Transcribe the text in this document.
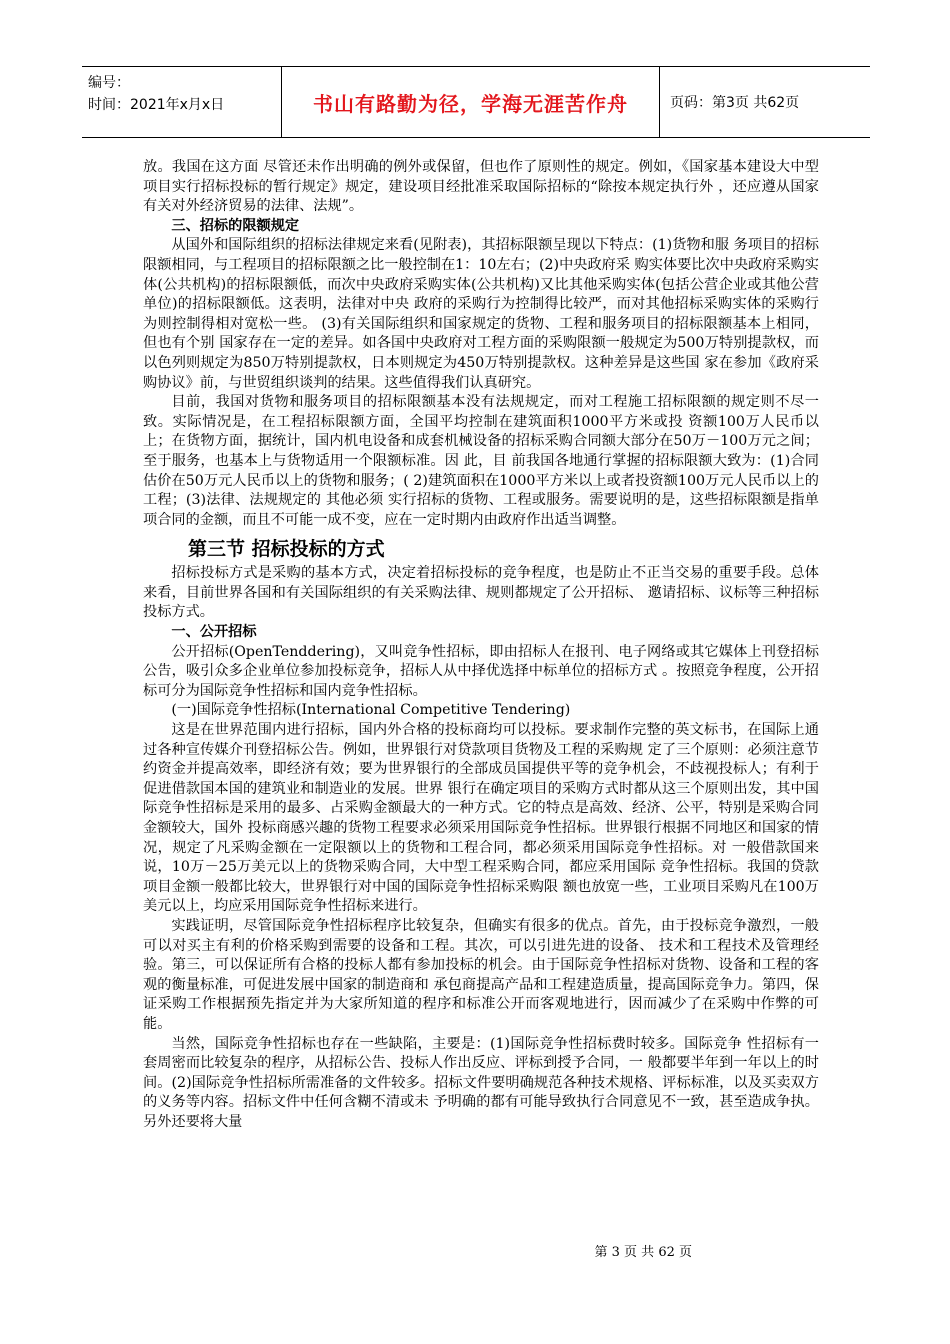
编号：
时间：2021年x月x日	书山有路勤为径，学海无涯苦作舟	页码：第3页 共62页

放。我国在这方面 尽管还未作出明确的例外或保留，但也作了原则性的规定。例如，《国家基本建设大中型项目实行招标投标的暂行规定》规定，建设项目经批准采取国际招标的“除按本规定执行外 ，还应遵从国家有关对外经济贸易的法律、法规”。

三、招标的限额规定

从国外和国际组织的招标法律规定来看(见附表)，其招标限额呈现以下特点：(1)货物和服 务项目的招标限额相同，与工程项目的招标限额之比一般控制在1：10左右；(2)中央政府采 购实体要比次中央政府采购实体(公共机构)的招标限额低，而次中央政府采购实体(公共机构)又比其他采购实体(包括公营企业或其他公营单位)的招标限额低。这表明，法律对中央 政府的采购行为控制得比较严，而对其他招标采购实体的采购行为则控制得相对宽松一些。 (3)有关国际组织和国家规定的货物、工程和服务项目的招标限额基本上相同，但也有个别 国家存在一定的差异。如各国中央政府对工程方面的采购限额一般规定为500万特别提款权，而以色列则规定为850万特别提款权，日本则规定为450万特别提款权。这种差异是这些国 家在参加《政府采购协议》前，与世贸组织谈判的结果。这些值得我们认真研究。

目前，我国对货物和服务项目的招标限额基本没有法规规定，而对工程施工招标限额的规定则不尽一致。实际情况是，在工程招标限额方面，全国平均控制在建筑面积1000平方米或投 资额100万人民币以上；在货物方面，据统计，国内机电设备和成套机械设备的招标采购合同额大部分在50万－100万元之间；至于服务，也基本上与货物适用一个限额标准。因 此，目 前我国各地通行掌握的招标限额大致为：(1)合同估价在50万元人民币以上的货物和服务；( 2)建筑面积在1000平方米以上或者投资额100万元人民币以上的工程；(3)法律、法规规定的 其他必须 实行招标的货物、工程或服务。需要说明的是，这些招标限额是指单项合同的金额，而且不可能一成不变，应在一定时期内由政府作出适当调整。

第三节 招标投标的方式

招标投标方式是采购的基本方式，决定着招标投标的竞争程度，也是防止不正当交易的重要手段。总体来看，目前世界各国和有关国际组织的有关采购法律、规则都规定了公开招标、 邀请招标、议标等三种招标投标方式。

一、公开招标

公开招标(OpenTenddering)，又叫竞争性招标，即由招标人在报刊、电子网络或其它媒体上刊登招标公告，吸引众多企业单位参加投标竞争，招标人从中择优选择中标单位的招标方式 。按照竞争程度，公开招标可分为国际竞争性招标和国内竞争性招标。

(一)国际竞争性招标(International Competitive Tendering)

这是在世界范围内进行招标，国内外合格的投标商均可以投标。要求制作完整的英文标书，在国际上通过各种宣传媒介刊登招标公告。例如，世界银行对贷款项目货物及工程的采购规 定了三个原则：必须注意节约资金并提高效率，即经济有效；要为世界银行的全部成员国提供平等的竞争机会，不歧视投标人；有利于促进借款国本国的建筑业和制造业的发展。世界 银行在确定项目的采购方式时都从这三个原则出发，其中国际竞争性招标是采用的最多、占采购金额最大的一种方式。它的特点是高效、经济、公平，特别是采购合同金额较大，国外 投标商感兴趣的货物工程要求必须采用国际竞争性招标。世界银行根据不同地区和国家的情况，规定了凡采购金额在一定限额以上的货物和工程合同，都必须采用国际竞争性招标。对 一般借款国来说，10万－25万美元以上的货物采购合同，大中型工程采购合同，都应采用国际 竞争性招标。我国的贷款项目金额一般都比较大，世界银行对中国的国际竞争性招标采购限 额也放宽一些，工业项目采购凡在100万美元以上，均应采用国际竞争性招标来进行。

实践证明，尽管国际竞争性招标程序比较复杂，但确实有很多的优点。首先，由于投标竞争激烈，一般可以对买主有利的价格采购到需要的设备和工程。其次，可以引进先进的设备、 技术和工程技术及管理经验。第三，可以保证所有合格的投标人都有参加投标的机会。由于国际竞争性招标对货物、设备和工程的客观的衡量标准，可促进发展中国家的制造商和 承包商提高产品和工程建造质量，提高国际竞争力。第四，保证采购工作根据预先指定并为大家所知道的程序和标准公开而客观地进行，因而减少了在采购中作弊的可能。

当然，国际竞争性招标也存在一些缺陷，主要是：(1)国际竞争性招标费时较多。国际竞争 性招标有一套周密而比较复杂的程序，从招标公告、投标人作出反应、评标到授予合同，一 般都要半年到一年以上的时间。(2)国际竞争性招标所需准备的文件较多。招标文件要明确规范各种技术规格、评标标准，以及买卖双方的义务等内容。招标文件中任何含糊不清或未 予明确的都有可能导致执行合同意见不一致，甚至造成争执。另外还要将大量

第 3 页 共 62 页
